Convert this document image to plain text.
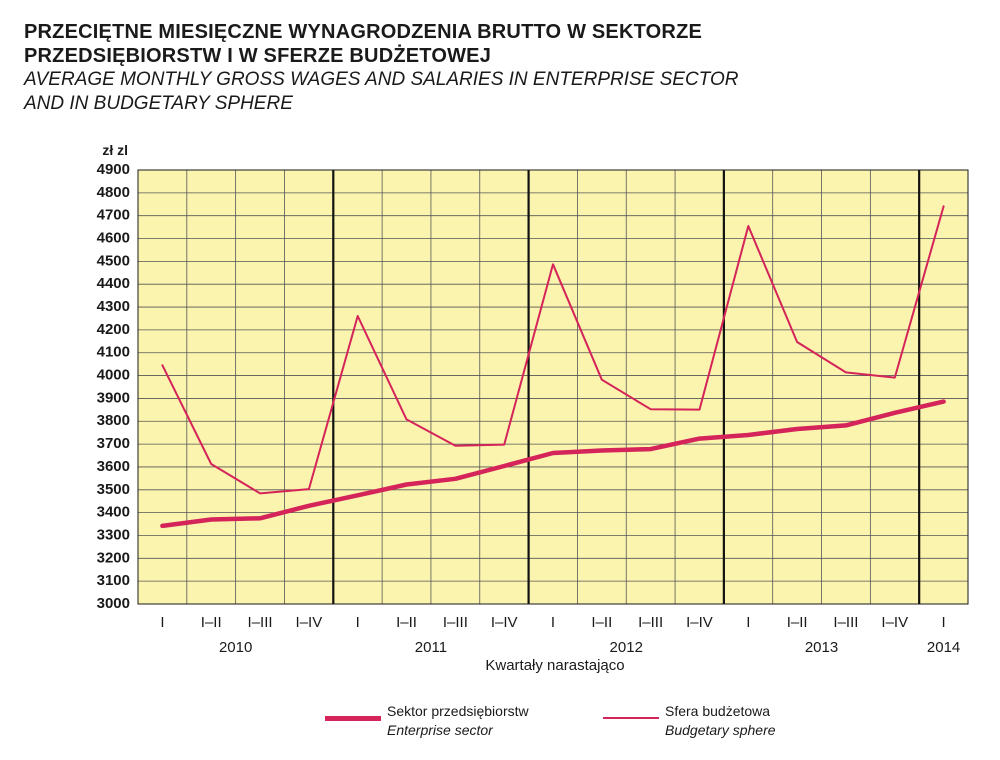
PRZECIĘTNE MIESIĘCZNE WYNAGRODZENIA BRUTTO W SEKTORZE

PRZEDSIĘBIORSTW I W SFERZE BUDŻETOWEJ

AVERAGE MONTHLY GROSS WAGES AND SALARIES IN ENTERPRISE SECTOR

AND IN BUDGETARY SPHERE

zł zl
3000
3100
3200
3300
3400
3500
3600
3700
3800
3900
4000
4100
4200
4300
4400
4500
4600
4700
4800
4900
I I–II I–III I–IV I I–II I–III I–IV I I–II I–III I–IV I I–II I–III I–IV I
2010	2011	2012	2013	2014
Kwartały narastająco
Sektor przedsiębiorstw
Enterprise sector
Sfera budżetowa
Budgetary sphere
